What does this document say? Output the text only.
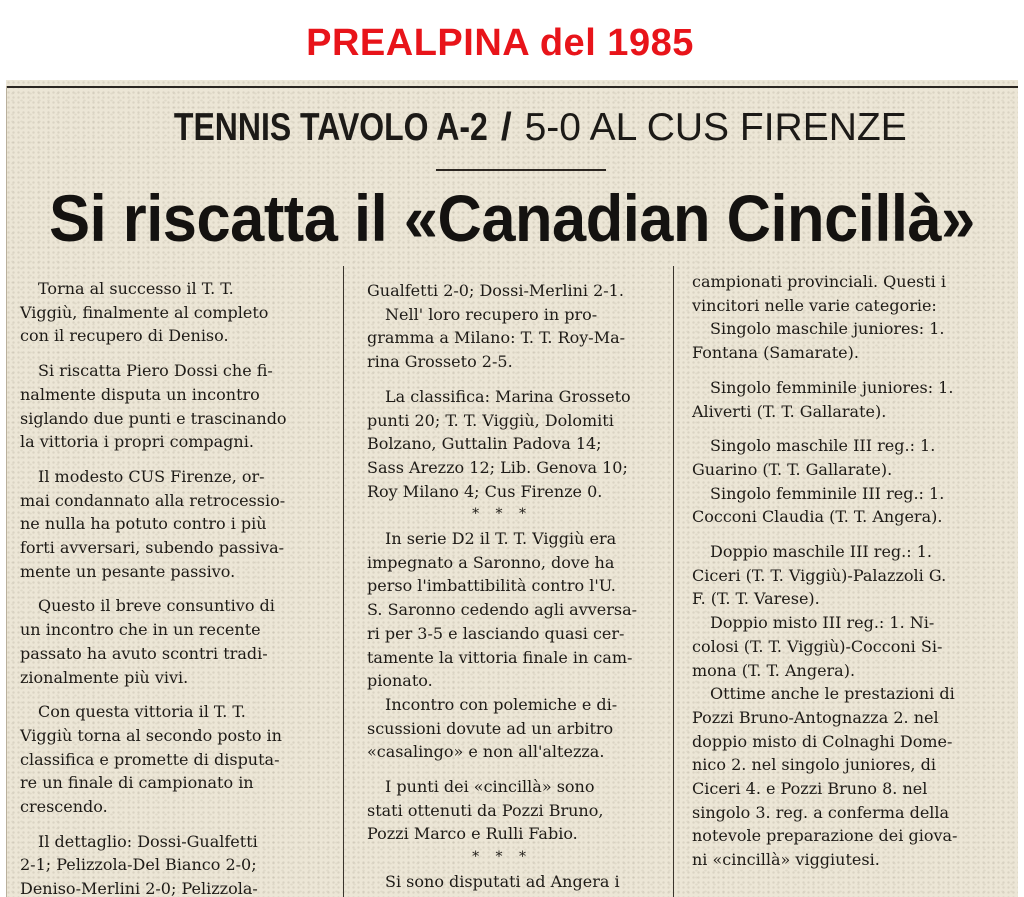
PREALPINA del 1985
TENNIS TAVOLO A-2 / 5-0 AL CUS FIRENZE
Si riscatta il «Canadian Cincillà»
Torna al successo il T. T.
Viggiù, finalmente al completo
con il recupero di Deniso.
Si riscatta Piero Dossi che fi-
nalmente disputa un incontro
siglando due punti e trascinando
la vittoria i propri compagni.
Il modesto CUS Firenze, or-
mai condannato alla retrocessio-
ne nulla ha potuto contro i più
forti avversari, subendo passiva-
mente un pesante passivo.
Questo il breve consuntivo di
un incontro che in un recente
passato ha avuto scontri tradi-
zionalmente più vivi.
Con questa vittoria il T. T.
Viggiù torna al secondo posto in
classifica e promette di disputa-
re un finale di campionato in
crescendo.
Il dettaglio: Dossi-Gualfetti
2-1; Pelizzola-Del Bianco 2-0;
Deniso-Merlini 2-0; Pelizzola-
Gualfetti 2-0; Dossi-Merlini 2-1.
Nell' loro recupero in pro-
gramma a Milano: T. T. Roy-Ma-
rina Grosseto 2-5.
La classifica: Marina Grosseto
punti 20; T. T. Viggiù, Dolomiti
Bolzano, Guttalin Padova 14;
Sass Arezzo 12; Lib. Genova 10;
Roy Milano 4; Cus Firenze 0.
* * *
In serie D2 il T. T. Viggiù era
impegnato a Saronno, dove ha
perso l'imbattibilità contro l'U.
S. Saronno cedendo agli avversa-
ri per 3-5 e lasciando quasi cer-
tamente la vittoria finale in cam-
pionato.
Incontro con polemiche e di-
scussioni dovute ad un arbitro
«casalingo» e non all'altezza.
I punti dei «cincillà» sono
stati ottenuti da Pozzi Bruno,
Pozzi Marco e Rulli Fabio.
* * *
Si sono disputati ad Angera i
campionati provinciali. Questi i
vincitori nelle varie categorie:
Singolo maschile juniores: 1.
Fontana (Samarate).
Singolo femminile juniores: 1.
Aliverti (T. T. Gallarate).
Singolo maschile III reg.: 1.
Guarino (T. T. Gallarate).
Singolo femminile III reg.: 1.
Cocconi Claudia (T. T. Angera).
Doppio maschile III reg.: 1.
Ciceri (T. T. Viggiù)-Palazzoli G.
F. (T. T. Varese).
Doppio misto III reg.: 1. Ni-
colosi (T. T. Viggiù)-Cocconi Si-
mona (T. T. Angera).
Ottime anche le prestazioni di
Pozzi Bruno-Antognazza 2. nel
doppio misto di Colnaghi Dome-
nico 2. nel singolo juniores, di
Ciceri 4. e Pozzi Bruno 8. nel
singolo 3. reg. a conferma della
notevole preparazione dei giova-
ni «cincillà» viggiutesi.
